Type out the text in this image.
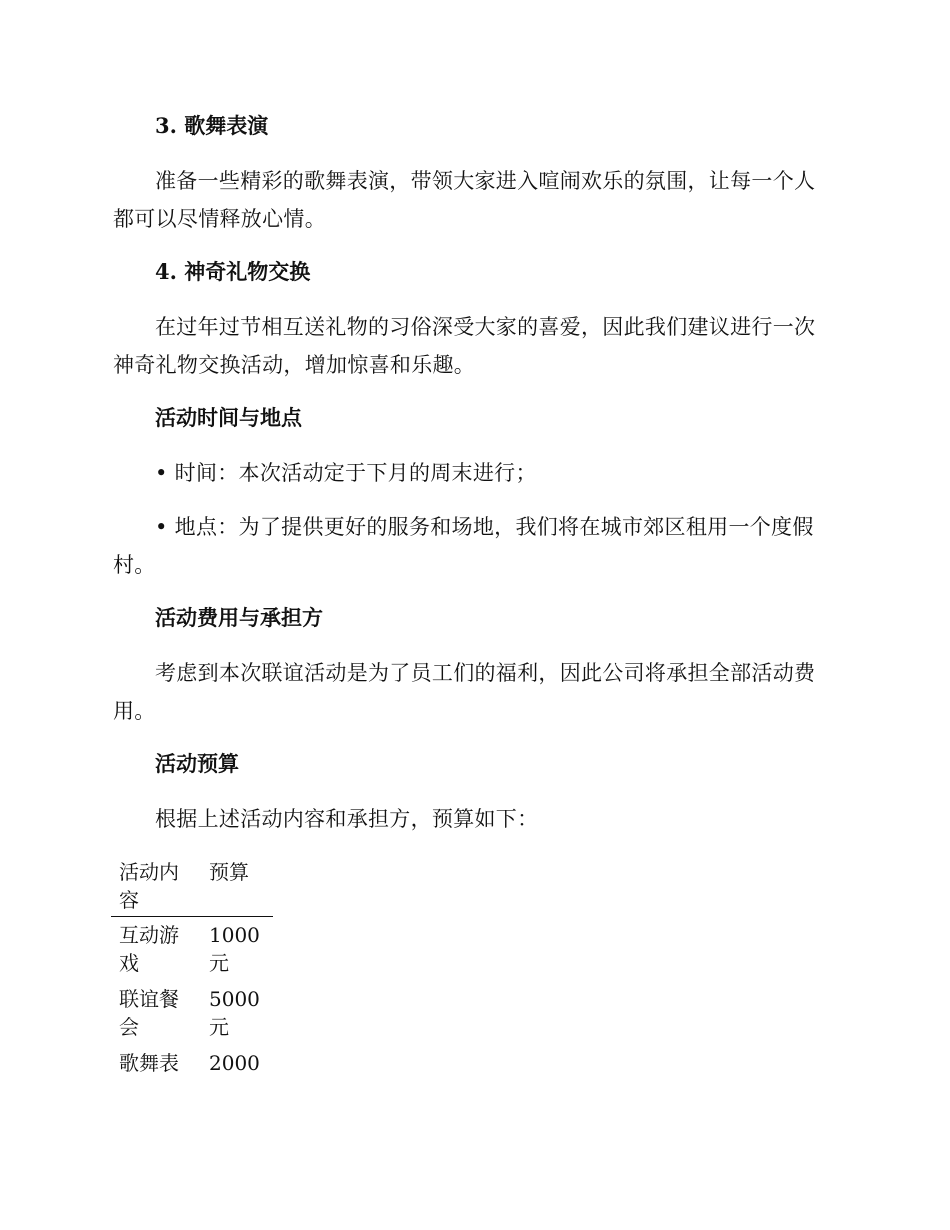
3. 歌舞表演

准备一些精彩的歌舞表演，带领大家进入喧闹欢乐的氛围，让每一个人都可以尽情释放心情。

4. 神奇礼物交换

在过年过节相互送礼物的习俗深受大家的喜爱，因此我们建议进行一次神奇礼物交换活动，增加惊喜和乐趣。

活动时间与地点

• 时间：本次活动定于下月的周末进行；

• 地点：为了提供更好的服务和场地，我们将在城市郊区租用一个度假村。

活动费用与承担方

考虑到本次联谊活动是为了员工们的福利，因此公司将承担全部活动费用。

活动预算

根据上述活动内容和承担方，预算如下：

活动内容	预算
互动游戏	1000元
联谊餐会	5000元
歌舞表	2000
